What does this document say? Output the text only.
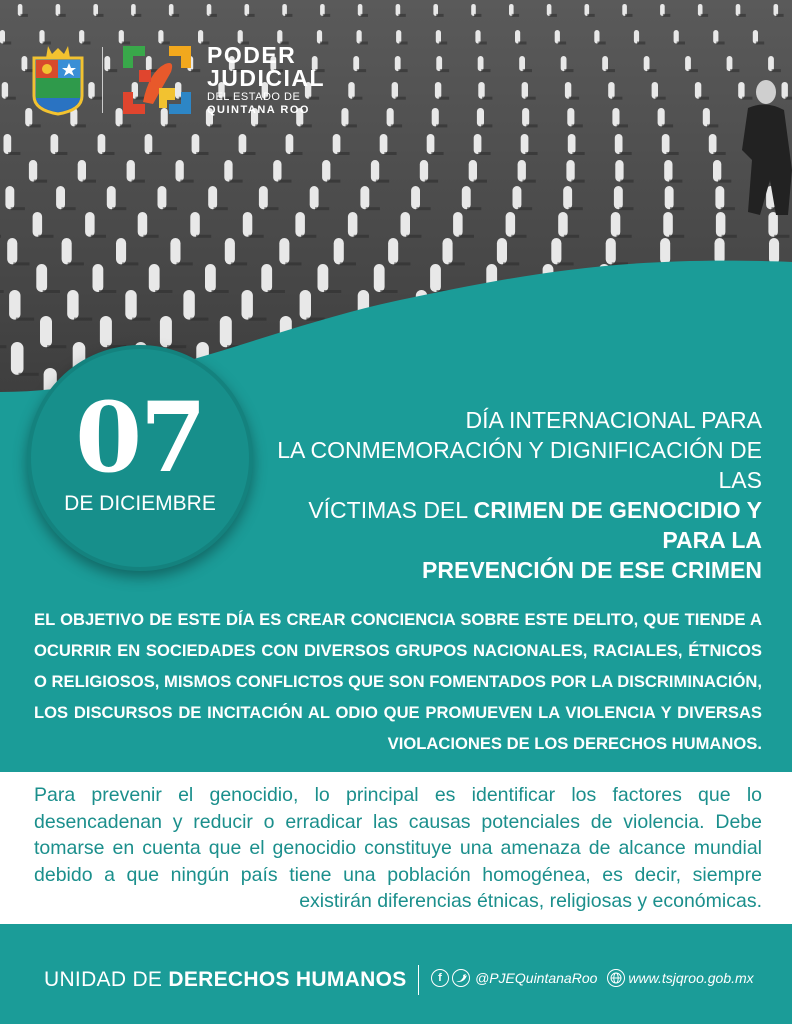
PODER
JUDICIAL
DEL ESTADO DE
QUINTANA ROO
07
DE DICIEMBRE
DÍA INTERNACIONAL PARA
LA CONMEMORACIÓN Y DIGNIFICACIÓN DE LAS
VÍCTIMAS DEL CRIMEN DE GENOCIDIO Y PARA LA
PREVENCIÓN DE ESE CRIMEN
EL OBJETIVO DE ESTE DÍA ES CREAR CONCIENCIA SOBRE ESTE DELITO, QUE TIENDE A OCURRIR EN SOCIEDADES CON DIVERSOS GRUPOS NACIONALES, RACIALES, ÉTNICOS O RELIGIOSOS, MISMOS CONFLICTOS QUE SON FOMENTADOS POR LA DISCRIMINACIÓN, LOS DISCURSOS DE INCITACIÓN AL ODIO QUE PROMUEVEN LA VIOLENCIA Y DIVERSAS VIOLACIONES DE LOS DERECHOS HUMANOS.
Para prevenir el genocidio, lo principal es identificar los factores que lo desencadenan y reducir o erradicar las causas potenciales de violencia. Debe tomarse en cuenta que el genocidio constituye una amenaza de alcance mundial debido a que ningún país tiene una población homogénea, es decir, siempre existirán diferencias étnicas, religiosas y económicas.
UNIDAD DE DERECHOS HUMANOS	f	@PJEQuintanaRoo www.tsjqroo.gob.mx
